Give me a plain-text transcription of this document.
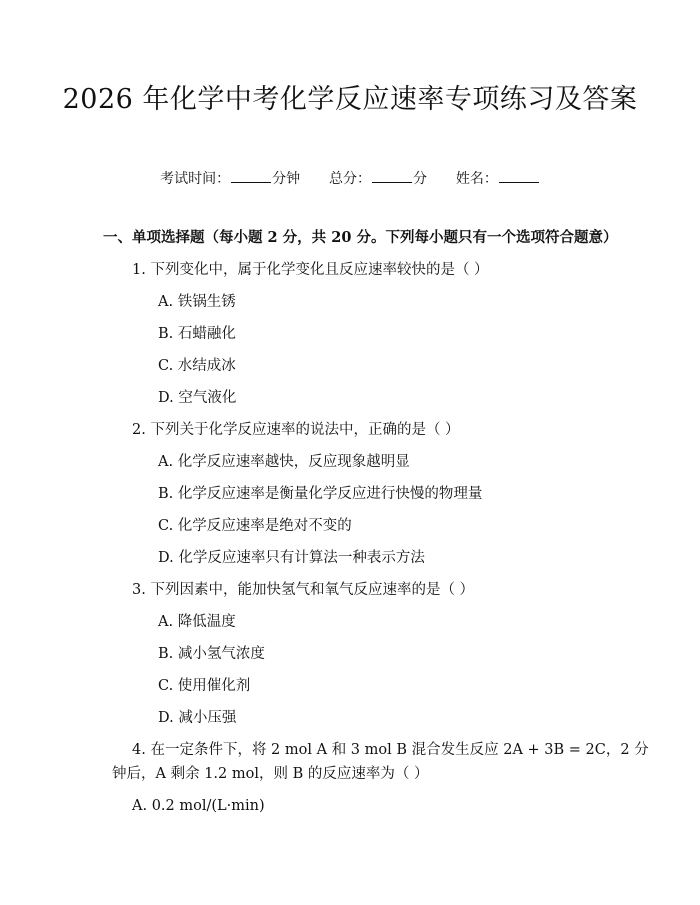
2026 年化学中考化学反应速率专项练习及答案
考试时间：	分钟 总分：	分 姓名：
一、单项选择题（每小题 2 分，共 20 分。下列每小题只有一个选项符合题意）
1. 下列变化中，属于化学变化且反应速率较快的是（ ）
A. 铁锅生锈
B. 石蜡融化
C. 水结成冰
D. 空气液化
2. 下列关于化学反应速率的说法中，正确的是（ ）
A. 化学反应速率越快，反应现象越明显
B. 化学反应速率是衡量化学反应进行快慢的物理量
C. 化学反应速率是绝对不变的
D. 化学反应速率只有计算法一种表示方法
3. 下列因素中，能加快氢气和氧气反应速率的是（ ）
A. 降低温度
B. 减小氢气浓度
C. 使用催化剂
D. 减小压强
4. 在一定条件下，将 2 mol A 和 3 mol B 混合发生反应 2A + 3B = 2C，2 分
钟后，A 剩余 1.2 mol，则 B 的反应速率为（ ）
A. 0.2 mol/(L·min)
